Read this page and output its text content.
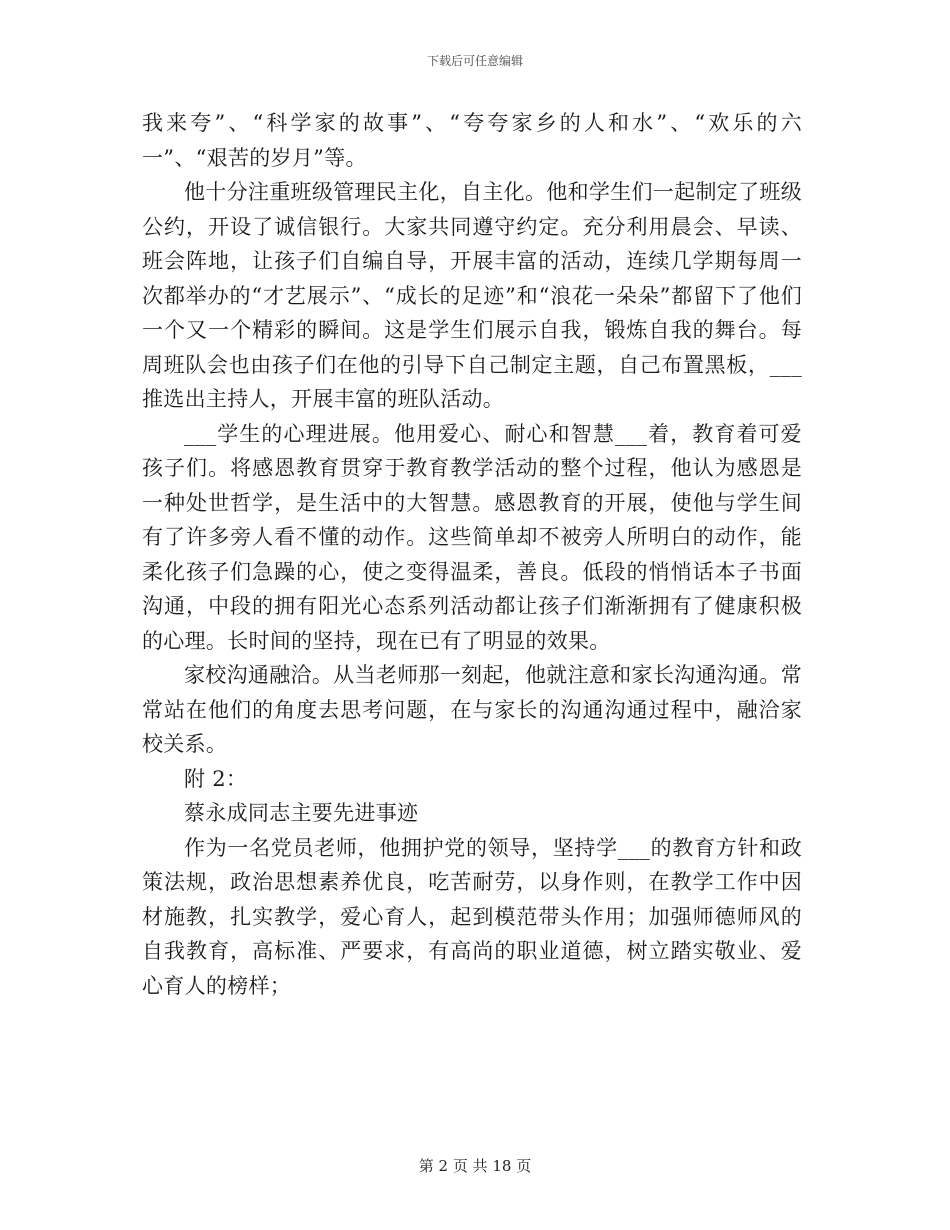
下载后可任意编辑

我来夸”、“科学家的故事”、“夸夸家乡的人和水”、“欢乐的六一”、“艰苦的岁月”等。

他十分注重班级管理民主化，自主化。他和学生们一起制定了班级公约，开设了诚信银行。大家共同遵守约定。充分利用晨会、早读、班会阵地，让孩子们自编自导，开展丰富的活动，连续几学期每周一次都举办的“才艺展示”、“成长的足迹”和“浪花一朵朵”都留下了他们一个又一个精彩的瞬间。这是学生们展示自我，锻炼自我的舞台。每周班队会也由孩子们在他的引导下自己制定主题，自己布置黑板，___推选出主持人，开展丰富的班队活动。

___学生的心理进展。他用爱心、耐心和智慧___着，教育着可爱孩子们。将感恩教育贯穿于教育教学活动的整个过程，他认为感恩是一种处世哲学，是生活中的大智慧。感恩教育的开展，使他与学生间有了许多旁人看不懂的动作。这些简单却不被旁人所明白的动作，能柔化孩子们急躁的心，使之变得温柔，善良。低段的悄悄话本子书面沟通，中段的拥有阳光心态系列活动都让孩子们渐渐拥有了健康积极的心理。长时间的坚持，现在已有了明显的效果。

家校沟通融洽。从当老师那一刻起，他就注意和家长沟通沟通。常常站在他们的角度去思考问题，在与家长的沟通沟通过程中，融洽家校关系。

附 2：

蔡永成同志主要先进事迹

作为一名党员老师，他拥护党的领导，坚持学___的教育方针和政策法规，政治思想素养优良，吃苦耐劳，以身作则，在教学工作中因材施教，扎实教学，爱心育人，起到模范带头作用；加强师德师风的自我教育，高标准、严要求，有高尚的职业道德，树立踏实敬业、爱心育人的榜样；

第 2 页 共 18 页
